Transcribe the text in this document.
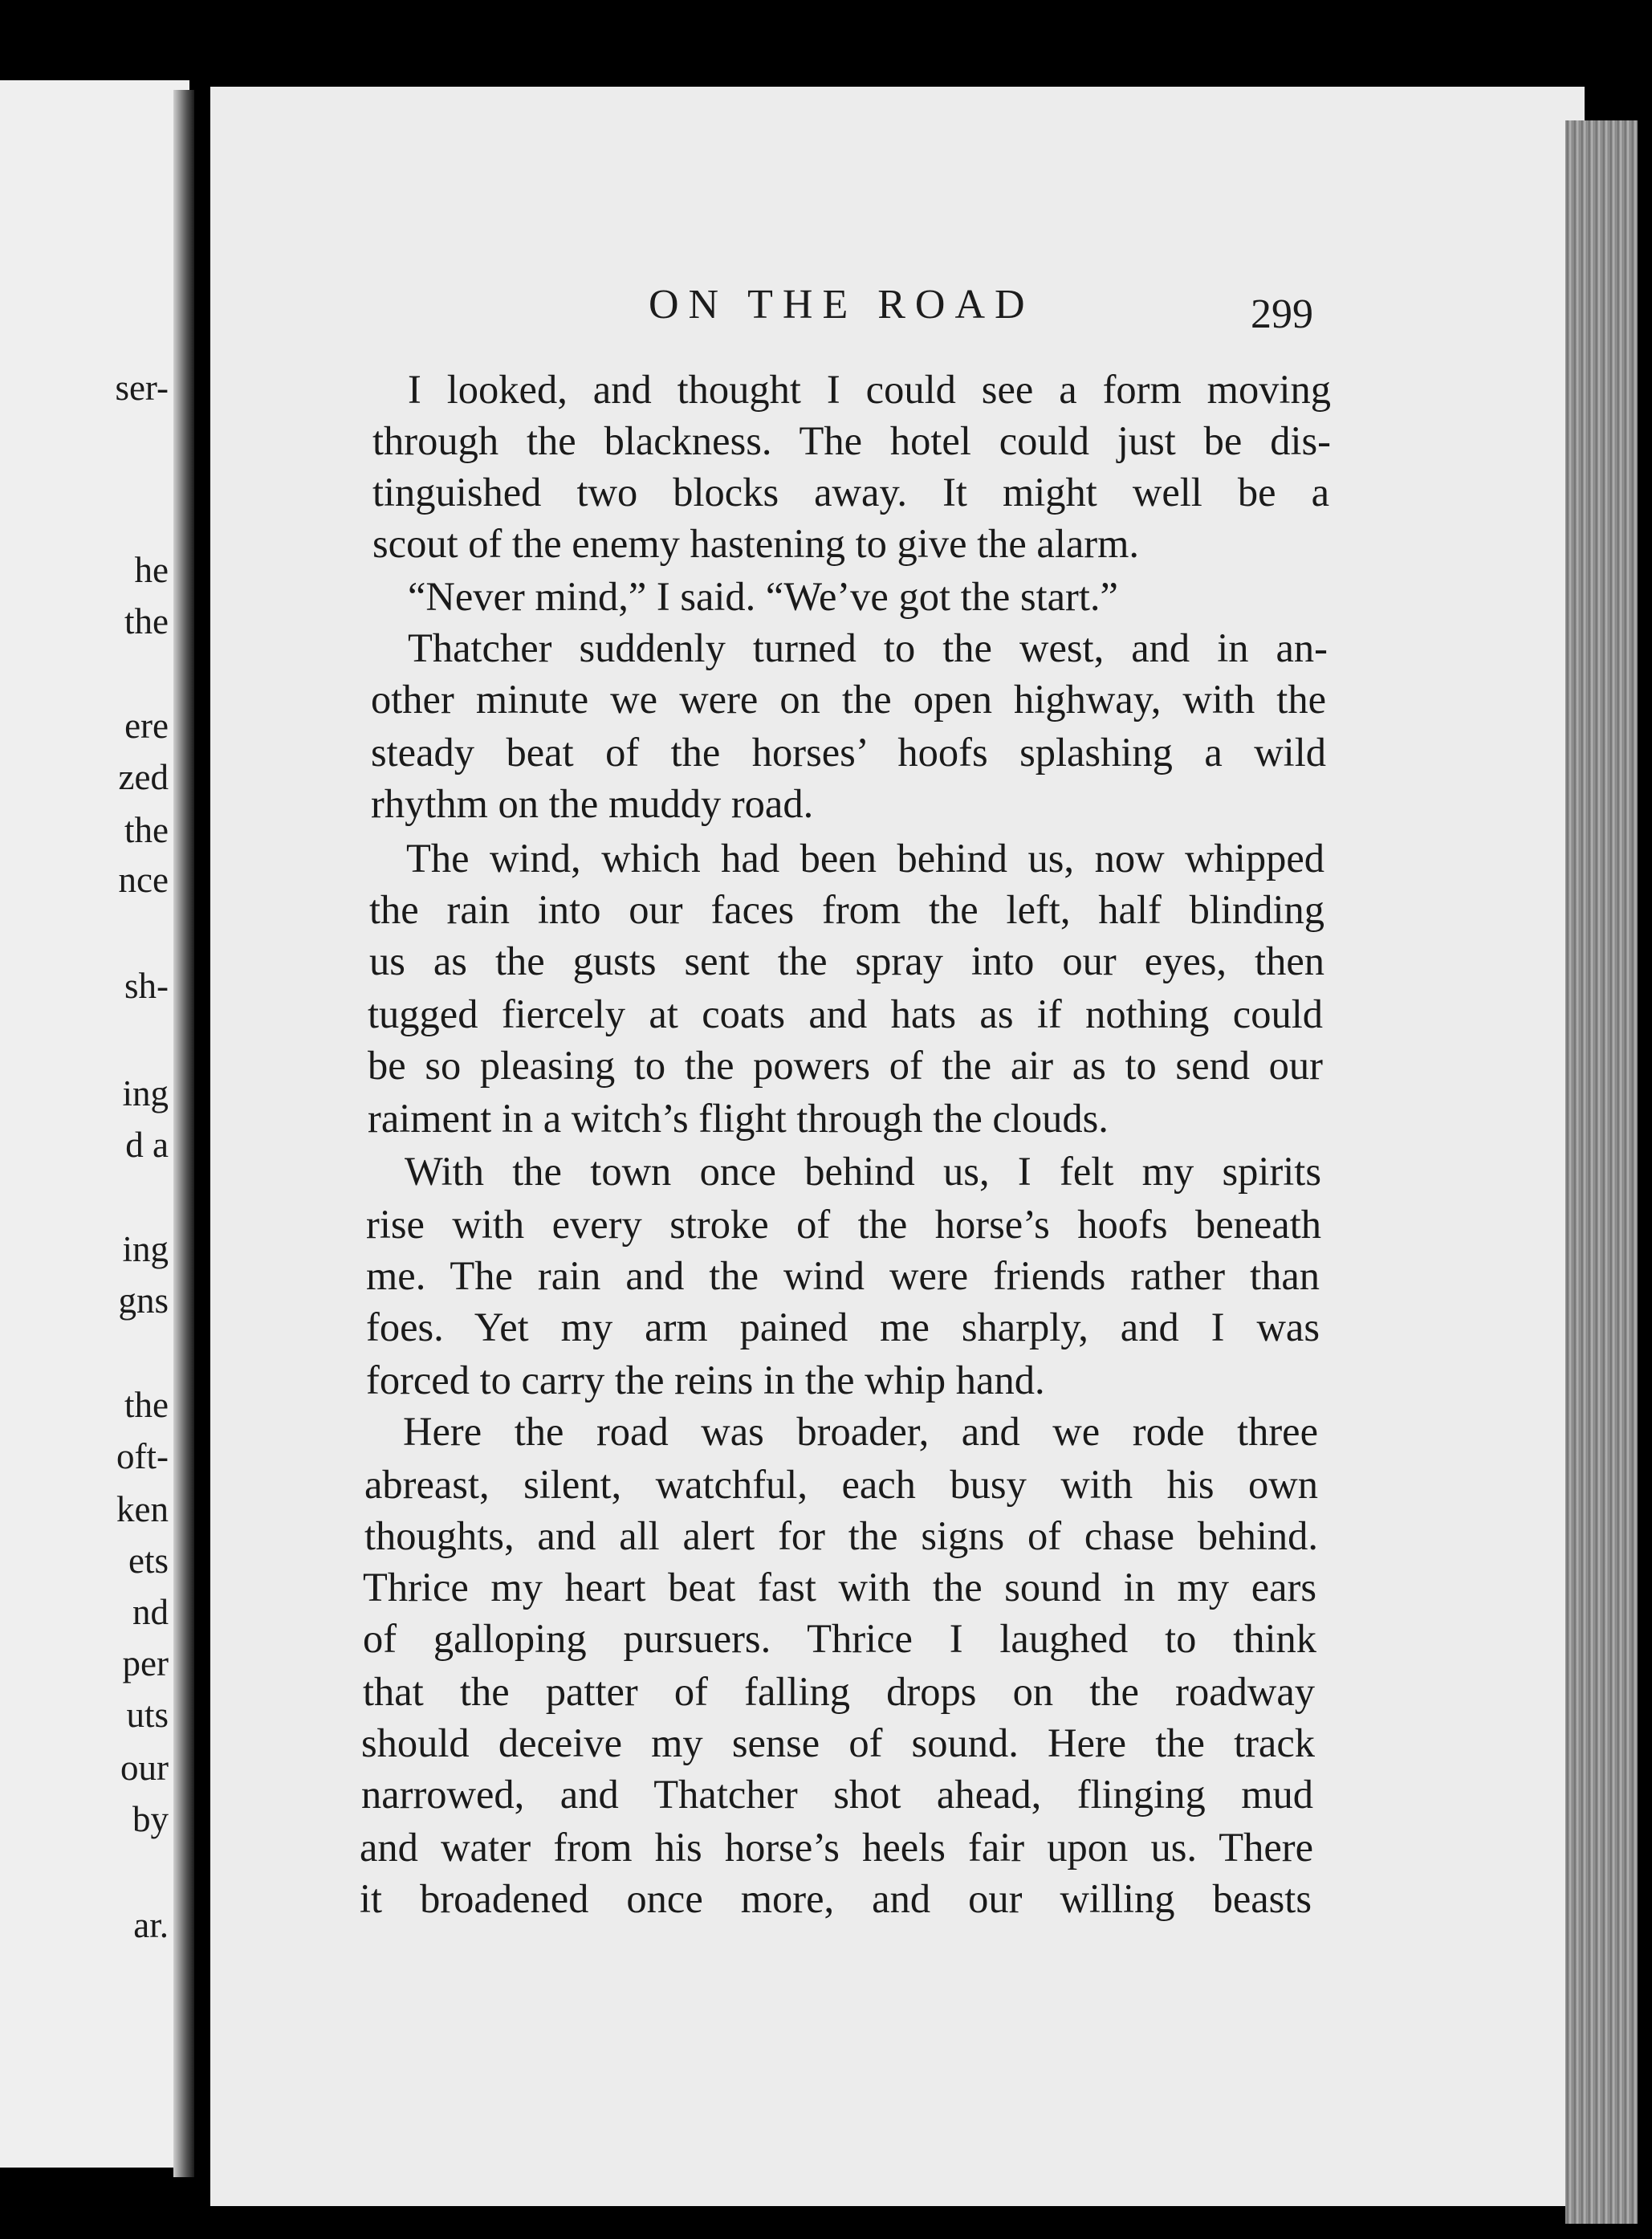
ser-
he
the
ere
zed
the
nce
sh-
ing
d a
ing
gns
the
oft-
ken
ets
nd
per
uts
our
by
ar.
ON THE ROAD	299
I looked, and thought I could see a form moving
through the blackness. The hotel could just be dis-
tinguished two blocks away. It might well be a
scout of the enemy hastening to give the alarm.
“Never mind,” I said. “We’ve got the start.”
Thatcher suddenly turned to the west, and in an-
other minute we were on the open highway, with the
steady beat of the horses’ hoofs splashing a wild
rhythm on the muddy road.
The wind, which had been behind us, now whipped
the rain into our faces from the left, half blinding
us as the gusts sent the spray into our eyes, then
tugged fiercely at coats and hats as if nothing could
be so pleasing to the powers of the air as to send our
raiment in a witch’s flight through the clouds.
With the town once behind us, I felt my spirits
rise with every stroke of the horse’s hoofs beneath
me. The rain and the wind were friends rather than
foes. Yet my arm pained me sharply, and I was
forced to carry the reins in the whip hand.
Here the road was broader, and we rode three
abreast, silent, watchful, each busy with his own
thoughts, and all alert for the signs of chase behind.
Thrice my heart beat fast with the sound in my ears
of galloping pursuers. Thrice I laughed to think
that the patter of falling drops on the roadway
should deceive my sense of sound. Here the track
narrowed, and Thatcher shot ahead, flinging mud
and water from his horse’s heels fair upon us. There
it broadened once more, and our willing beasts
